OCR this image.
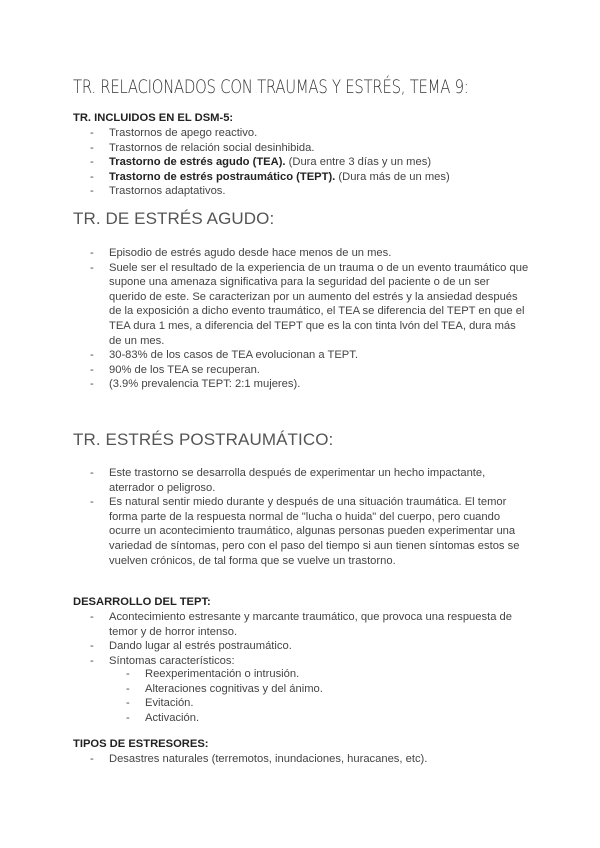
TR. RELACIONADOS CON TRAUMAS Y ESTRÉS, TEMA 9:
TR. INCLUIDOS EN EL DSM-5:
- Trastornos de apego reactivo.
- Trastornos de relación social desinhibida.
- Trastorno de estrés agudo (TEA). (Dura entre 3 días y un mes)
- Trastorno de estrés postraumático (TEPT). (Dura más de un mes)
- Trastornos adaptativos.
TR. DE ESTRÉS AGUDO:
- Episodio de estrés agudo desde hace menos de un mes.
- Suele ser el resultado de la experiencia de un trauma o de un evento traumático que supone una amenaza significativa para la seguridad del paciente o de un ser querido de este. Se caracterizan por un aumento del estrés y la ansiedad después de la exposición a dicho evento traumático, el TEA se diferencia del TEPT en que el TEA dura 1 mes, a diferencia del TEPT que es la con tinta lvón del TEA, dura más de un mes.
- 30-83% de los casos de TEA evolucionan a TEPT.
- 90% de los TEA se recuperan.
- (3.9% prevalencia TEPT: 2:1 mujeres).
TR. ESTRÉS POSTRAUMÁTICO:
- Este trastorno se desarrolla después de experimentar un hecho impactante, aterrador o peligroso.
- Es natural sentir miedo durante y después de una situación traumática. El temor forma parte de la respuesta normal de "lucha o huida" del cuerpo, pero cuando ocurre un acontecimiento traumático, algunas personas pueden experimentar una variedad de síntomas, pero con el paso del tiempo si aun tienen síntomas estos se vuelven crónicos, de tal forma que se vuelve un trastorno.
DESARROLLO DEL TEPT:
- Acontecimiento estresante y marcante traumático, que provoca una respuesta de temor y de horror intenso.
- Dando lugar al estrés postraumático.
- Síntomas característicos:
- Reexperimentación o intrusión.
- Alteraciones cognitivas y del ánimo.
- Evitación.
- Activación.
TIPOS DE ESTRESORES:
- Desastres naturales (terremotos, inundaciones, huracanes, etc).
